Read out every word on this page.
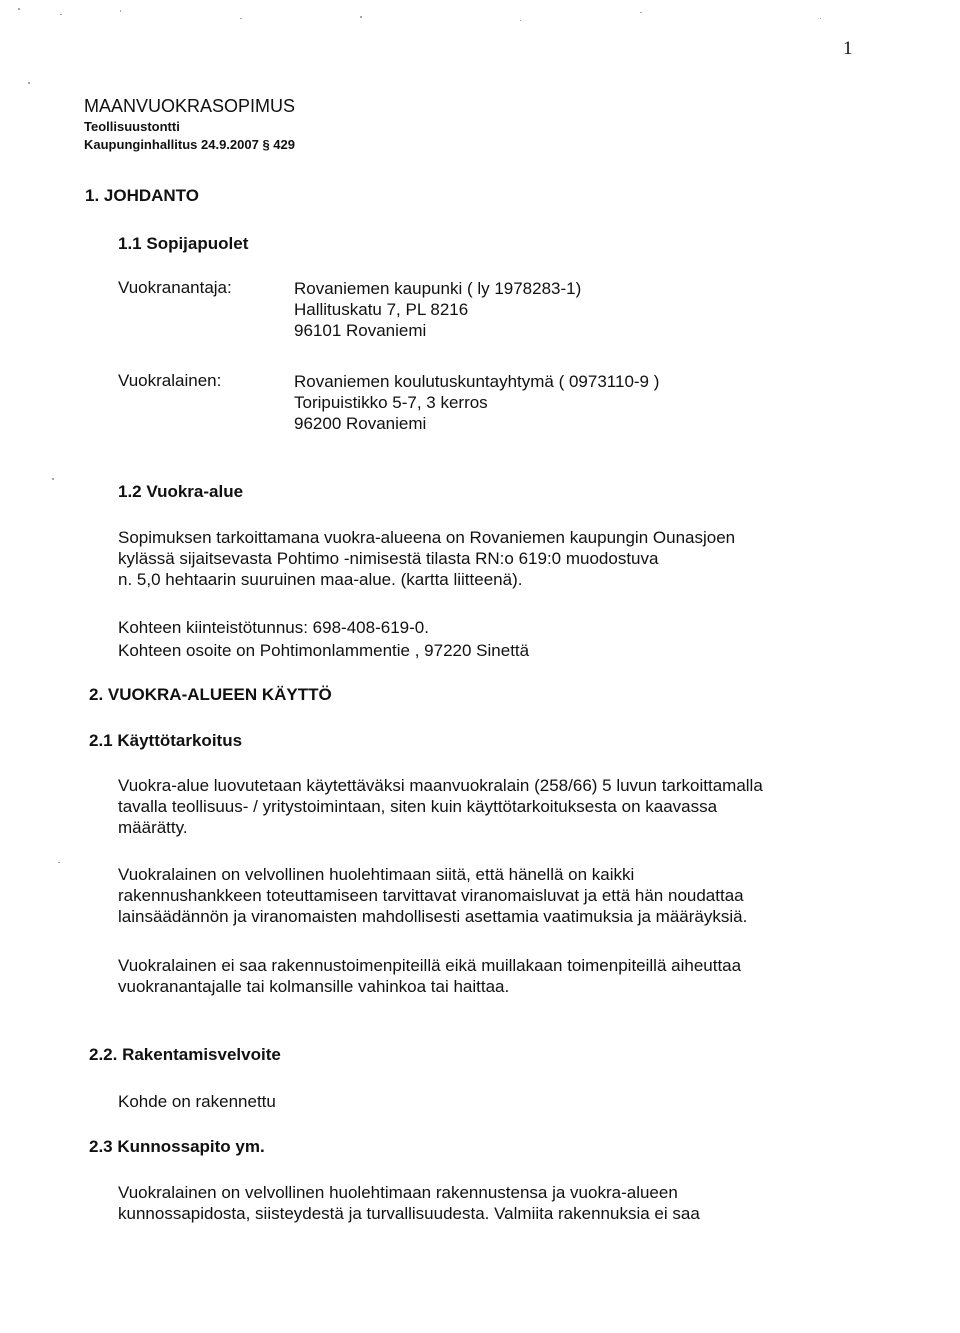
1
MAANVUOKRASOPIMUS
Teollisuustontti
Kaupunginhallitus 24.9.2007 § 429
1. JOHDANTO
1.1 Sopijapuolet
Vuokranantaja:	Rovaniemen kaupunki ( ly 1978283-1)
Hallituskatu 7, PL 8216
96101 Rovaniemi
Vuokralainen:	Rovaniemen koulutuskuntayhtymä ( 0973110-9 )
Toripuistikko 5-7, 3 kerros
96200 Rovaniemi
1.2 Vuokra-alue
Sopimuksen tarkoittamana vuokra-alueena on Rovaniemen kaupungin Ounasjoen
kylässä sijaitsevasta Pohtimo -nimisestä tilasta RN:o 619:0 muodostuva
n. 5,0 hehtaarin suuruinen maa-alue. (kartta liitteenä).
Kohteen kiinteistötunnus: 698-408-619-0.
Kohteen osoite on Pohtimonlammentie , 97220 Sinettä
2. VUOKRA-ALUEEN KÄYTTÖ
2.1 Käyttötarkoitus
Vuokra-alue luovutetaan käytettäväksi maanvuokralain (258/66) 5 luvun tarkoittamalla
tavalla teollisuus- / yritystoimintaan, siten kuin käyttötarkoituksesta on kaavassa
määrätty.
Vuokralainen on velvollinen huolehtimaan siitä, että hänellä on kaikki
rakennushankkeen toteuttamiseen tarvittavat viranomaisluvat ja että hän noudattaa
lainsäädännön ja viranomaisten mahdollisesti asettamia vaatimuksia ja määräyksiä.
Vuokralainen ei saa rakennustoimenpiteillä eikä muillakaan toimenpiteillä aiheuttaa
vuokranantajalle tai kolmansille vahinkoa tai haittaa.
2.2. Rakentamisvelvoite
Kohde on rakennettu
2.3 Kunnossapito ym.
Vuokralainen on velvollinen huolehtimaan rakennustensa ja vuokra-alueen
kunnossapidosta, siisteydestä ja turvallisuudesta. Valmiita rakennuksia ei saa
